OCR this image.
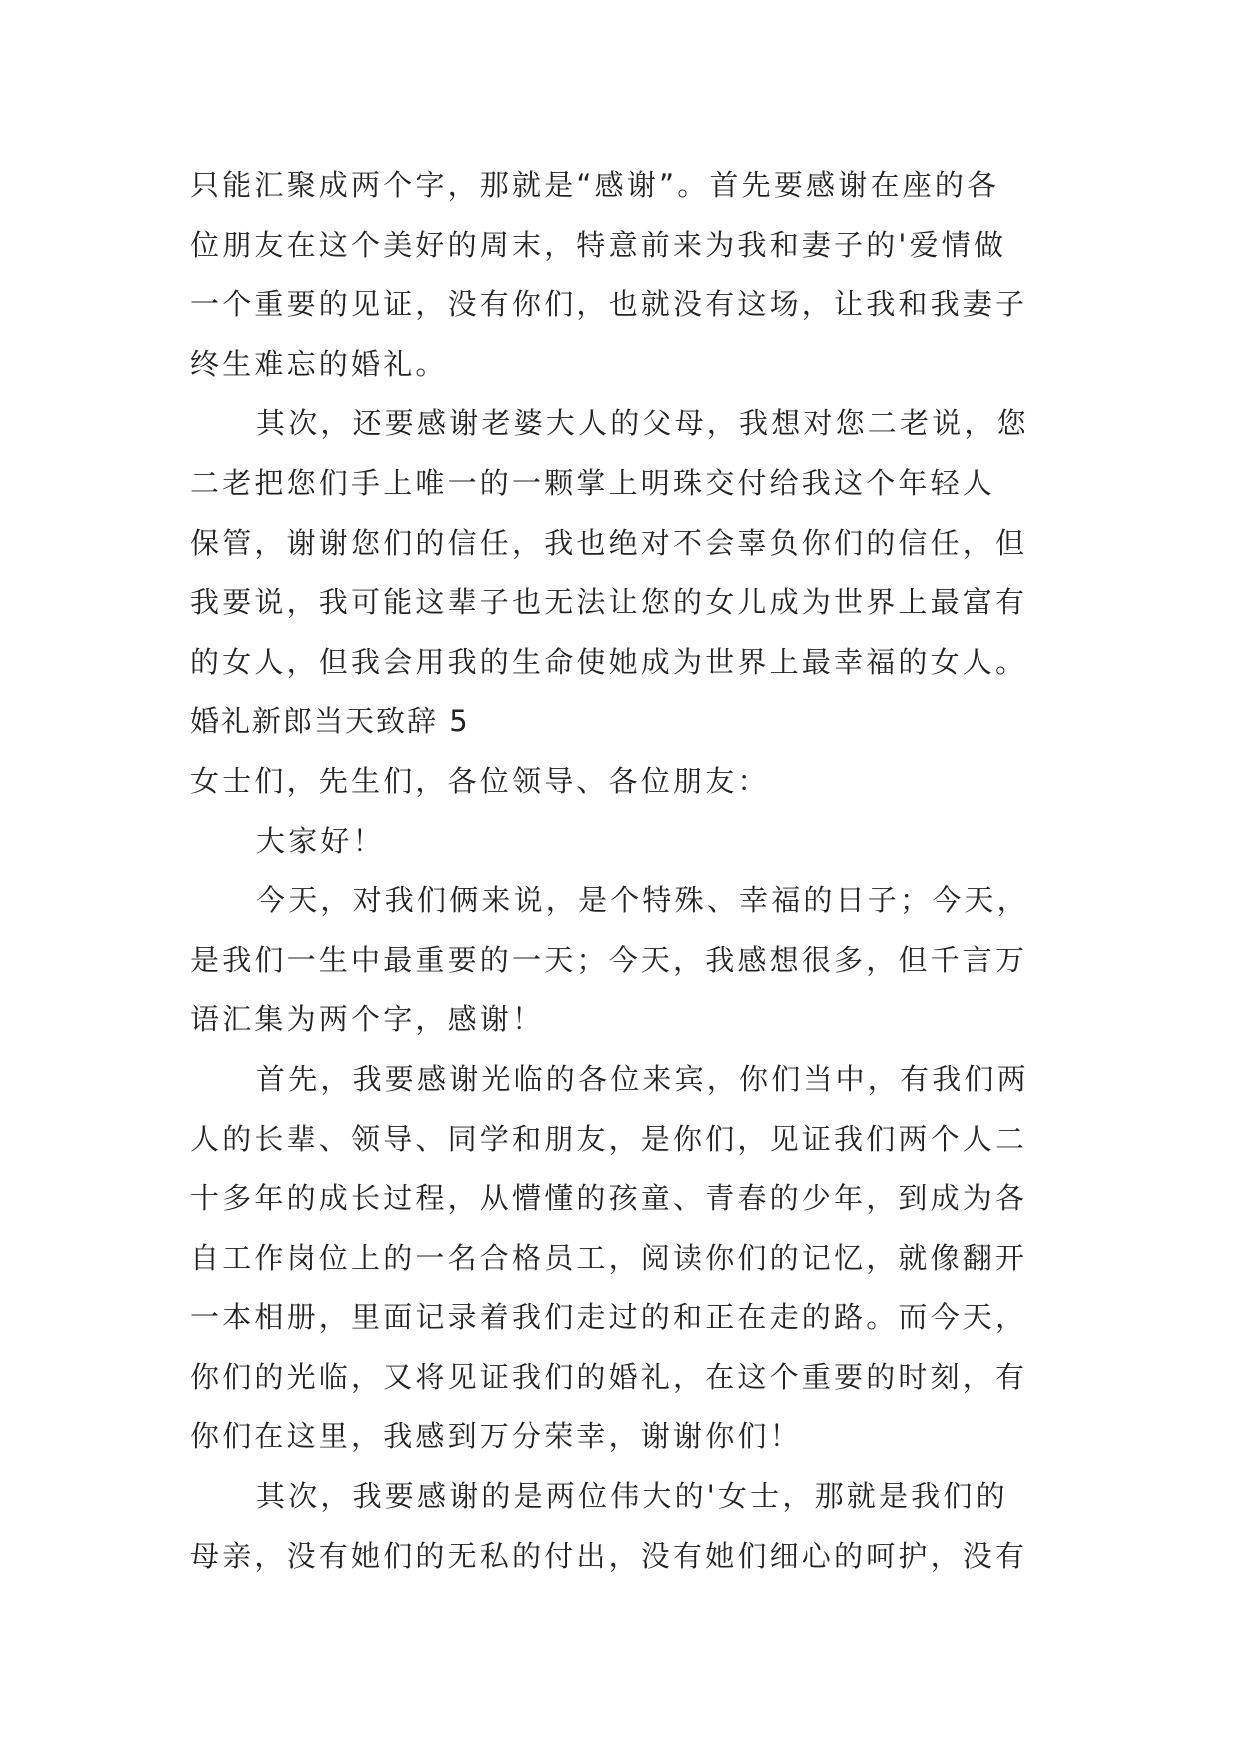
只能汇聚成两个字，那就是“感谢”。首先要感谢在座的各
位朋友在这个美好的周末，特意前来为我和妻子的'爱情做
一个重要的见证，没有你们，也就没有这场，让我和我妻子
终生难忘的婚礼。
其次，还要感谢老婆大人的父母，我想对您二老说，您
二老把您们手上唯一的一颗掌上明珠交付给我这个年轻人
保管，谢谢您们的信任，我也绝对不会辜负你们的信任，但
我要说，我可能这辈子也无法让您的女儿成为世界上最富有
的女人，但我会用我的生命使她成为世界上最幸福的女人。
婚礼新郎当天致辞 5
女士们，先生们，各位领导、各位朋友：
大家好！
今天，对我们俩来说，是个特殊、幸福的日子；今天，
是我们一生中最重要的一天；今天，我感想很多，但千言万
语汇集为两个字，感谢！
首先，我要感谢光临的各位来宾，你们当中，有我们两
人的长辈、领导、同学和朋友，是你们，见证我们两个人二
十多年的成长过程，从懵懂的孩童、青春的少年，到成为各
自工作岗位上的一名合格员工，阅读你们的记忆，就像翻开
一本相册，里面记录着我们走过的和正在走的路。而今天，
你们的光临，又将见证我们的婚礼，在这个重要的时刻，有
你们在这里，我感到万分荣幸，谢谢你们！
其次，我要感谢的是两位伟大的'女士，那就是我们的
母亲，没有她们的无私的付出，没有她们细心的呵护，没有
